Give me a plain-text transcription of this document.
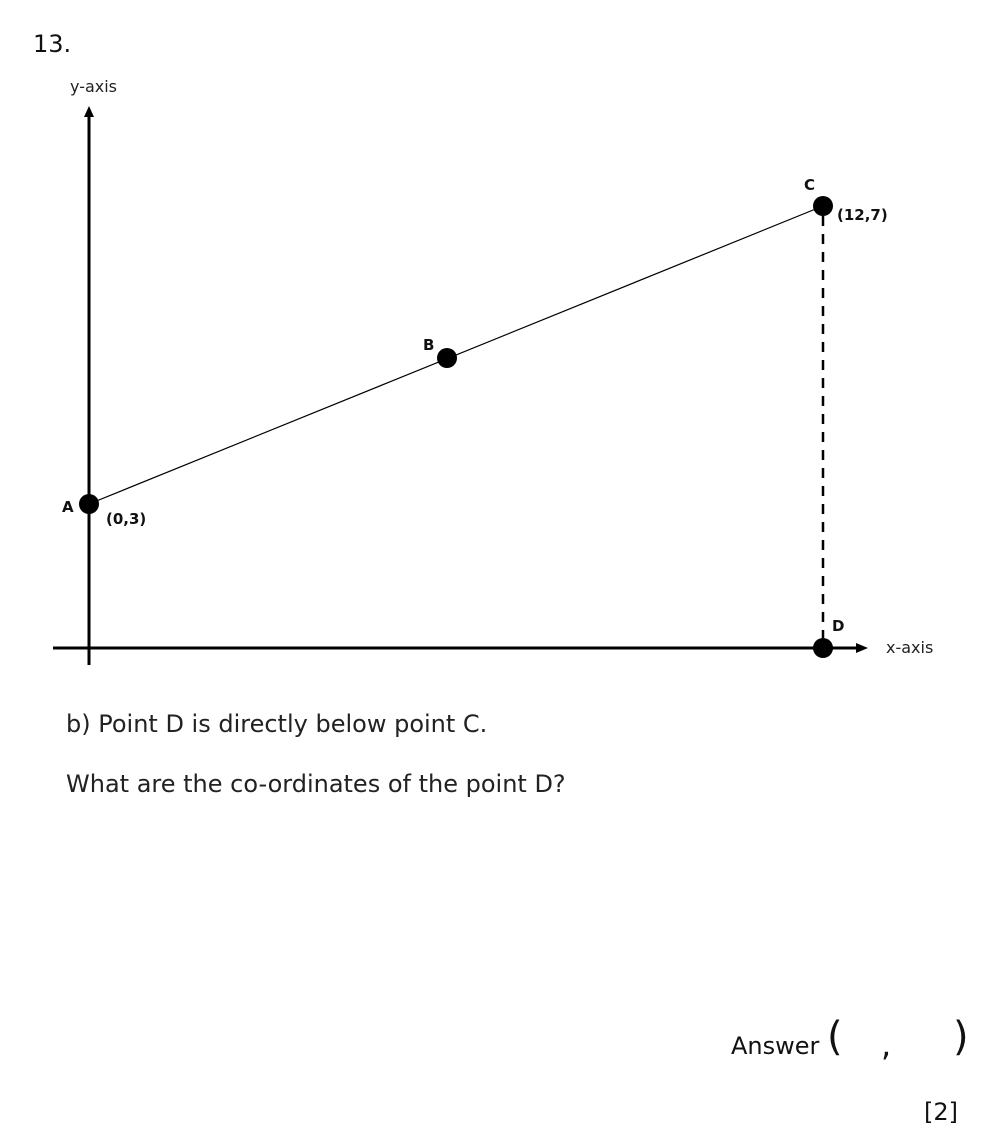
13.
y-axis
x-axis
A
(0,3)
B
C
(12,7)
D
b) Point D is directly below point C.
What are the co-ordinates of the point D?
Answer ( , )
[2]
